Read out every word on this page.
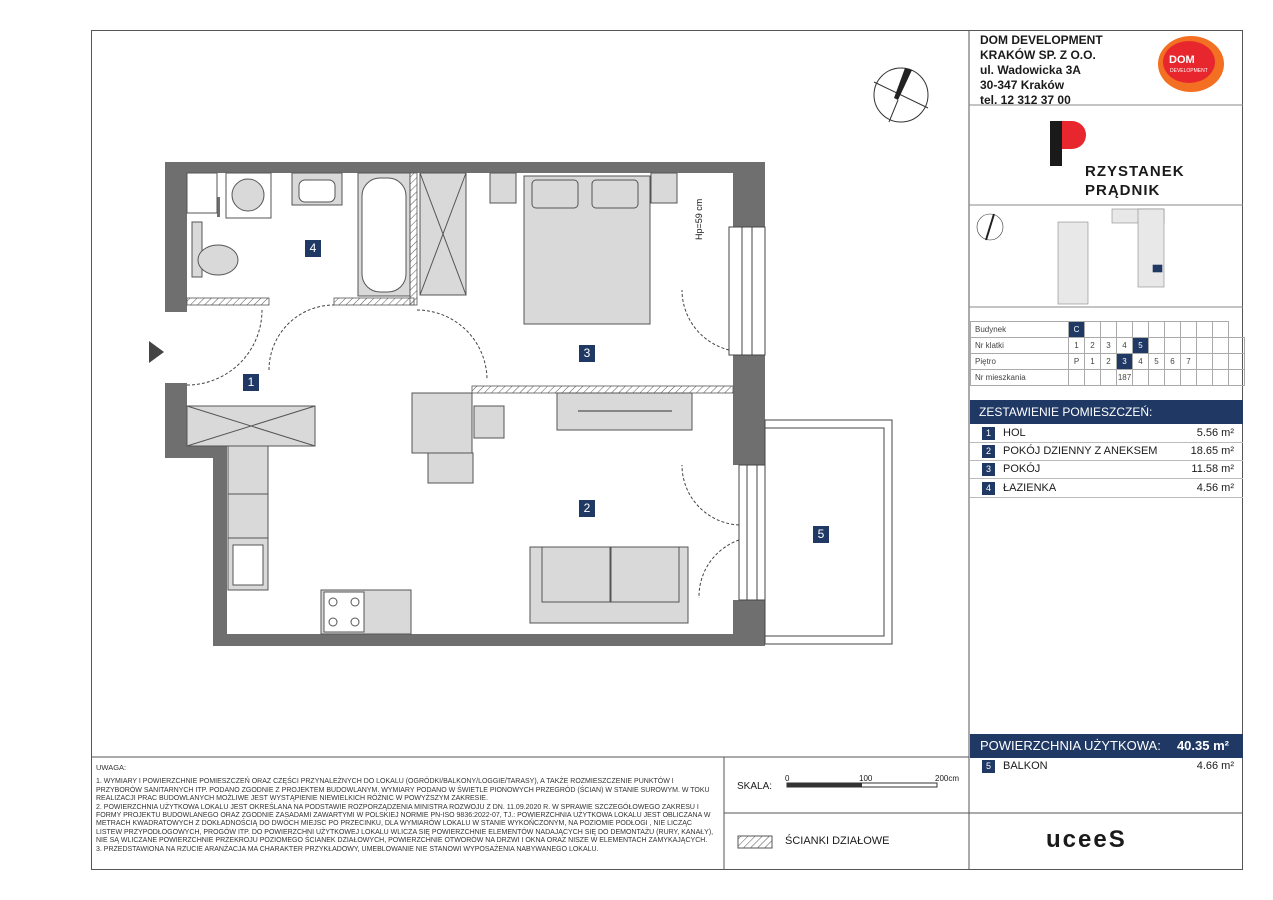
DOM DEVELOPMENT
KRAKÓW SP. Z O.O.
ul. Wadowicka 3A
30-347 Kraków
tel. 12 312 37 00
DOM
DEVELOPMENT
RZYSTANEK
PRĄDNIK
Budynek	C										
Nr klatki	1	2	3	4	5						
Piętro	P	1	2	3	4	5	6	7			
Nr mieszkania				187							
ZESTAWIENIE POMIESZCZEŃ:
1	HOL	5.56 m²
2	POKÓJ DZIENNY Z ANEKSEM	18.65 m²
3	POKÓJ	11.58 m²
4	ŁAZIENKA	4.56 m²
POWIERZCHNIA UŻYTKOWA: 40.35 m²
5	BALKON	4.66 m²
1
2
3
4
5
Hp=59 cm
UWAGA:
1. WYMIARY I POWIERZCHNIE POMIESZCZEŃ ORAZ CZĘŚCI PRZYNALEŻNYCH DO LOKALU (OGRÓDKI/BALKONY/LOGGIE/TARASY), A TAKŻE ROZMIESZCZENIE PUNKTÓW I PRZYBORÓW SANITARNYCH ITP. PODANO ZGODNIE Z PROJEKTEM BUDOWLANYM. WYMIARY PODANO W ŚWIETLE PIONOWYCH PRZEGRÓD (ŚCIAN) W STANIE SUROWYM. W TOKU REALIZACJI PRAC BUDOWLANYCH MOŻLIWE JEST WYSTĄPIENIE NIEWIELKICH RÓŻNIC W POWYŻSZYM ZAKRESIE.
2. POWIERZCHNIA UŻYTKOWA LOKALU JEST OKREŚLANA NA PODSTAWIE ROZPORZĄDZENIA MINISTRA ROZWOJU Z DN. 11.09.2020 R. W SPRAWIE SZCZEGÓŁOWEGO ZAKRESU I FORMY PROJEKTU BUDOWLANEGO ORAZ ZGODNIE ZASADAMI ZAWARTYMI W POLSKIEJ NORMIE PN-ISO 9836:2022-07, TJ.: POWIERZCHNIA UŻYTKOWA LOKALU JEST OBLICZANA W METRACH KWADRATOWYCH Z DOKŁADNOŚCIĄ DO DWÓCH MIEJSC PO PRZECINKU, DLA WYMIARÓW LOKALU W STANIE WYKOŃCZONYM, NA POZIOMIE PODŁOGI , NIE LICZĄC LISTEW PRZYPODŁOGOWYCH, PROGÓW ITP. DO POWIERZCHNI UŻYTKOWEJ LOKALU WLICZA SIĘ POWIERZCHNIE ELEMENTÓW NADAJĄCYCH SIĘ DO DEMONTAŻU (RURY, KANAŁY), NIE SĄ WLICZANE POWIERZCHNIE PRZEKROJU POZIOMEGO ŚCIANEK DZIAŁOWYCH, POWIERZCHNIE OTWORÓW NA DRZWI I OKNA ORAZ NISZE W ELEMENTACH ZAMYKAJĄCYCH.
3. PRZEDSTAWIONA NA RZUCIE ARANŻACJA MA CHARAKTER PRZYKŁADOWY, UMEBLOWANIE NIE STANOWI WYPOSAŻENIA NABYWANEGO LOKALU.
SKALA:
0	100	200cm
ŚCIANKI DZIAŁOWE	uceeS
